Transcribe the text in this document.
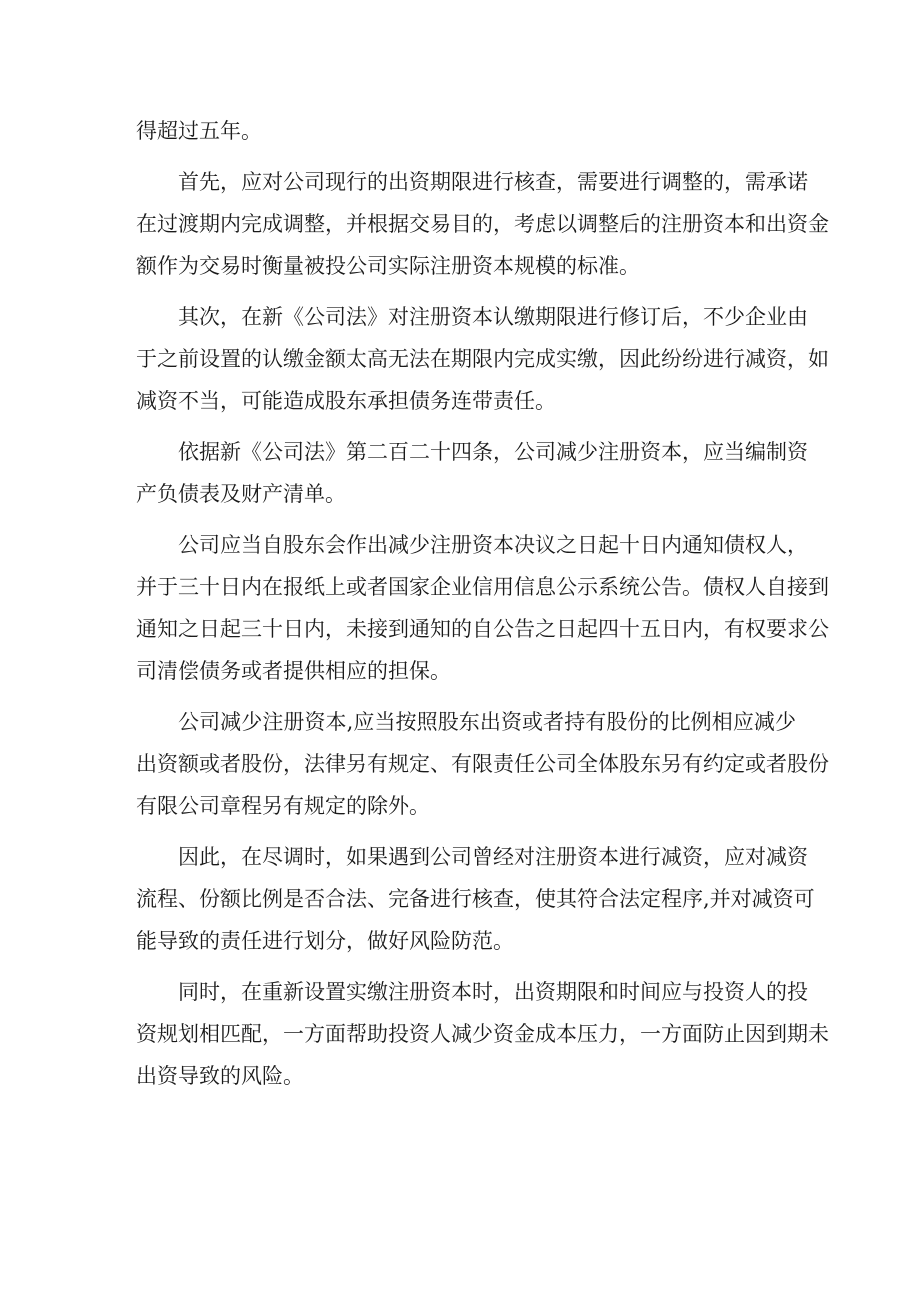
得超过五年。
首先，应对公司现行的出资期限进行核查，需要进行调整的，需承诺
在过渡期内完成调整，并根据交易目的，考虑以调整后的注册资本和出资金
额作为交易时衡量被投公司实际注册资本规模的标准。
其次，在新《公司法》对注册资本认缴期限进行修订后，不少企业由
于之前设置的认缴金额太高无法在期限内完成实缴，因此纷纷进行减资，如
减资不当，可能造成股东承担债务连带责任。
依据新《公司法》第二百二十四条，公司减少注册资本，应当编制资
产负债表及财产清单。
公司应当自股东会作出减少注册资本决议之日起十日内通知债权人，
并于三十日内在报纸上或者国家企业信用信息公示系统公告。债权人自接到
通知之日起三十日内，未接到通知的自公告之日起四十五日内，有权要求公
司清偿债务或者提供相应的担保。
公司减少注册资本,应当按照股东出资或者持有股份的比例相应减少
出资额或者股份，法律另有规定、有限责任公司全体股东另有约定或者股份
有限公司章程另有规定的除外。
因此，在尽调时，如果遇到公司曾经对注册资本进行减资，应对减资
流程、份额比例是否合法、完备进行核查，使其符合法定程序,并对减资可
能导致的责任进行划分，做好风险防范。
同时，在重新设置实缴注册资本时，出资期限和时间应与投资人的投
资规划相匹配，一方面帮助投资人减少资金成本压力，一方面防止因到期未
出资导致的风险。
